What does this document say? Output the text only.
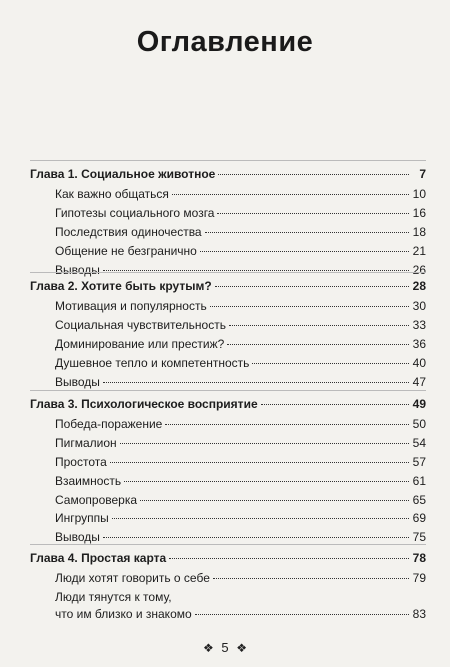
Оглавление
Глава 1. Социальное животное	7
Как важно общаться	10
Гипотезы социального мозга	16
Последствия одиночества	18
Общение не безгранично	21
Выводы	26
Глава 2. Хотите быть крутым?	28
Мотивация и популярность	30
Социальная чувствительность	33
Доминирование или престиж?	36
Душевное тепло и компетентность	40
Выводы	47
Глава 3. Психологическое восприятие	49
Победа-поражение	50
Пигмалион	54
Простота	57
Взаимность	61
Самопроверка	65
Ингруппы	69
Выводы	75
Глава 4. Простая карта	78
Люди хотят говорить о себе	79
Люди тянутся к тому,
что им близко и знакомо	83
❖ 5 ❖
